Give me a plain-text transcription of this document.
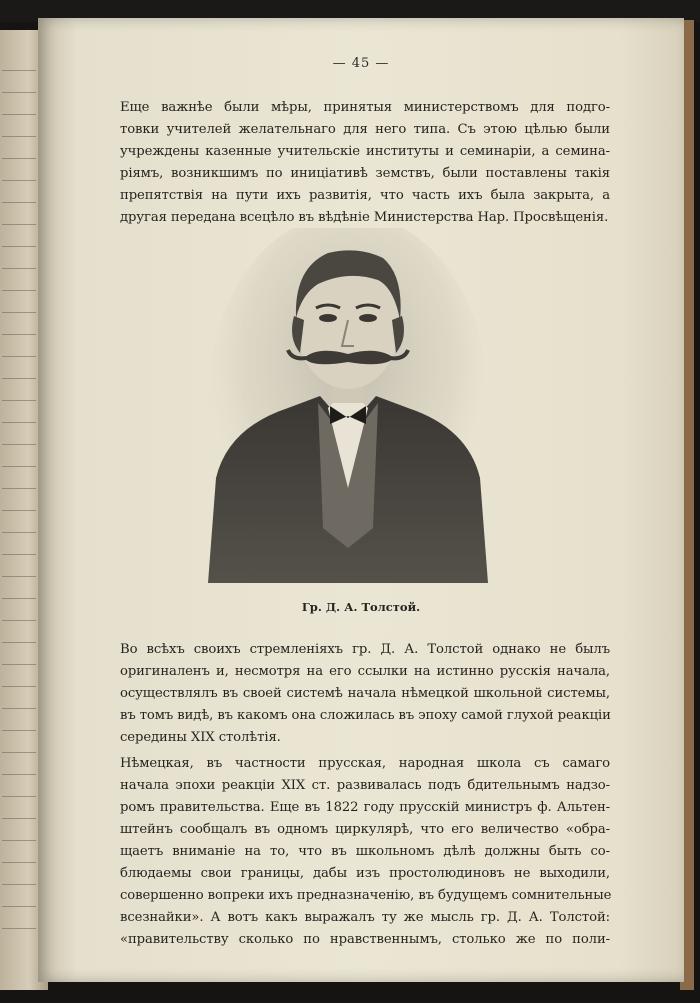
— 45 —
Еще важнѣе были мѣры, принятыя министерствомъ для подго-
товки учителей желательнаго для него типа. Съ этою цѣлью были
учреждены казенные учительскіе институты и семинаріи, а семина-
ріямъ, возникшимъ по иниціативѣ земствъ, были поставлены такія
препятствія на пути ихъ развитія, что часть ихъ была закрыта, а
другая передана всецѣло въ вѣдѣніе Министерства Нар. Просвѣщенія.
Гр. Д. А. Толстой.
Во всѣхъ своихъ стремленіяхъ гр. Д. А. Толстой однако не былъ
оригиналенъ и, несмотря на его ссылки на истинно русскія начала,
осуществлялъ въ своей системѣ начала нѣмецкой школьной системы,
въ томъ видѣ, въ какомъ она сложилась въ эпоху самой глухой реакціи
середины XIX столѣтія.
Нѣмецкая, въ частности прусская, народная школа съ самаго
начала эпохи реакціи XIX ст. развивалась подъ бдительнымъ надзо-
ромъ правительства. Еще въ 1822 году прусскій министръ ф. Альтен-
штейнъ сообщалъ въ одномъ циркулярѣ, что его величество «обра-
щаетъ вниманіе на то, что въ школьномъ дѣлѣ должны быть со-
блюдаемы свои границы, дабы изъ простолюдиновъ не выходили,
совершенно вопреки ихъ предназначенію, въ будущемъ сомнительные
всезнайки». А вотъ какъ выражалъ ту же мысль гр. Д. А. Толстой:
«правительству сколько по нравственнымъ, столько же по поли-
